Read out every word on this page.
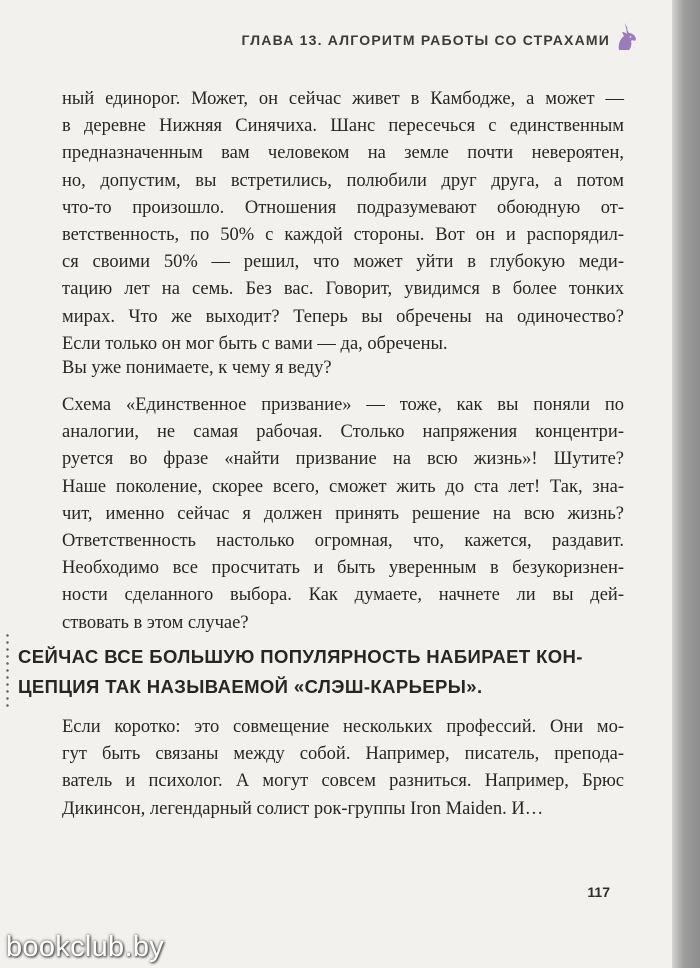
ГЛАВА 13. АЛГОРИТМ РАБОТЫ СО СТРАХАМИ
ный единорог. Может, он сейчас живет в Камбодже, а может —
в деревне Нижняя Синячиха. Шанс пересечься с единственным
предназначенным вам человеком на земле почти невероятен,
но, допустим, вы встретились, полюбили друг друга, а потом
что-то произошло. Отношения подразумевают обоюдную от-
ветственность, по 50% с каждой стороны. Вот он и распорядил-
ся своими 50% — решил, что может уйти в глубокую меди-
тацию лет на семь. Без вас. Говорит, увидимся в более тонких
мирах. Что же выходит? Теперь вы обречены на одиночество?
Если только он мог быть с вами — да, обречены.
Вы уже понимаете, к чему я веду?
Схема «Единственное призвание» — тоже, как вы поняли по
аналогии, не самая рабочая. Столько напряжения концентри-
руется во фразе «найти призвание на всю жизнь»! Шутите?
Наше поколение, скорее всего, сможет жить до ста лет! Так, зна-
чит, именно сейчас я должен принять решение на всю жизнь?
Ответственность настолько огромная, что, кажется, раздавит.
Необходимо все просчитать и быть уверенным в безукоризнен-
ности сделанного выбора. Как думаете, начнете ли вы дей-
ствовать в этом случае?
СЕЙЧАС ВСЕ БОЛЬШУЮ ПОПУЛЯРНОСТЬ НАБИРАЕТ КОН-
ЦЕПЦИЯ ТАК НАЗЫВАЕМОЙ «СЛЭШ-КАРЬЕРЫ».
Если коротко: это совмещение нескольких профессий. Они мо-
гут быть связаны между собой. Например, писатель, препода-
ватель и психолог. А могут совсем разниться. Например, Брюс
Дикинсон, легендарный солист рок-группы Iron Maiden. И…
117
bookclub.by
